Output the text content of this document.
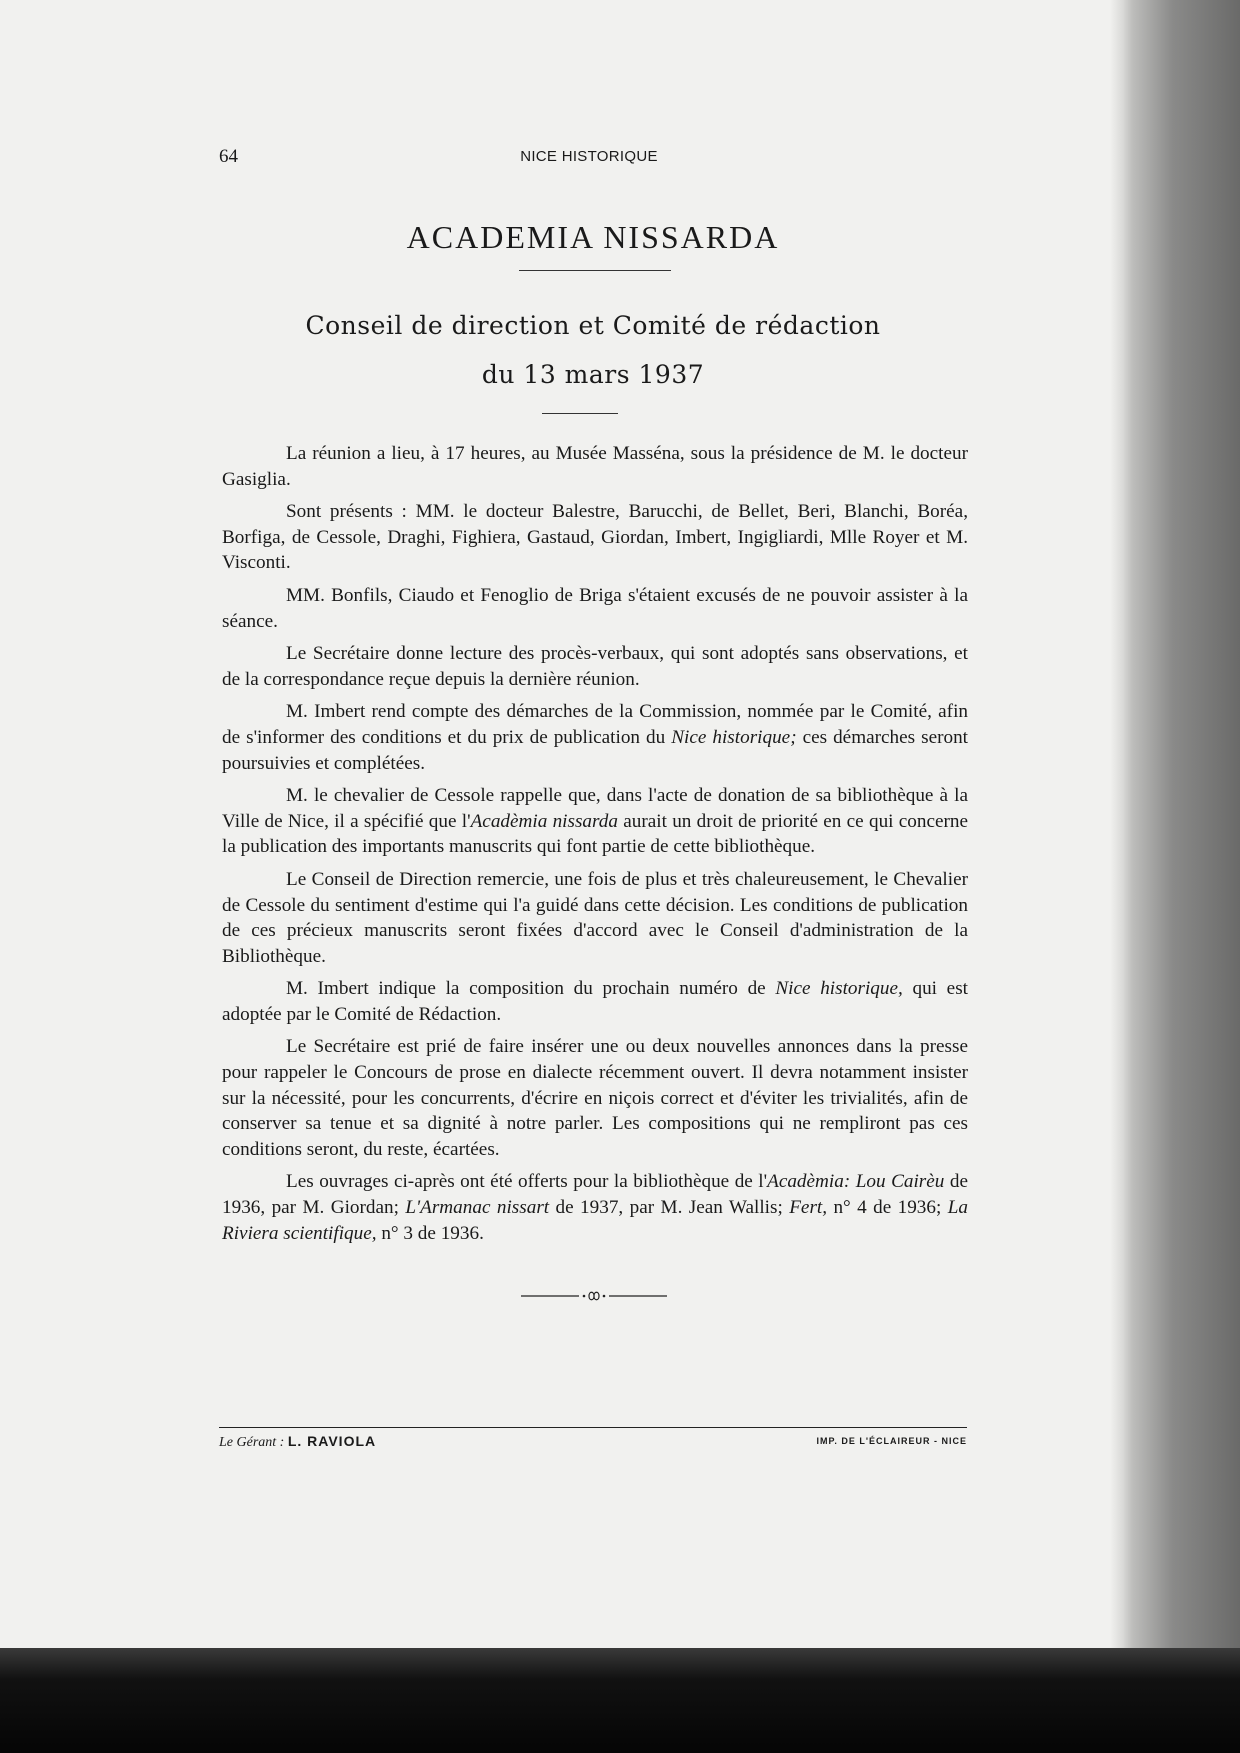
64	NICE HISTORIQUE
ACADEMIA NISSARDA
Conseil de direction et Comité de rédaction
du 13 mars 1937

La réunion a lieu, à 17 heures, au Musée Masséna, sous la présidence de M. le docteur Gasiglia.

Sont présents : MM. le docteur Balestre, Barucchi, de Bellet, Beri, Blanchi, Boréa, Borfiga, de Cessole, Draghi, Fighiera, Gastaud, Giordan, Imbert, Ingigliardi, Mlle Royer et M. Visconti.

MM. Bonfils, Ciaudo et Fenoglio de Briga s'étaient excusés de ne pouvoir assister à la séance.

Le Secrétaire donne lecture des procès-verbaux, qui sont adoptés sans observations, et de la correspondance reçue depuis la dernière réunion.

M. Imbert rend compte des démarches de la Commission, nommée par le Comité, afin de s'informer des conditions et du prix de publication du Nice historique; ces démarches seront poursuivies et complétées.

M. le chevalier de Cessole rappelle que, dans l'acte de donation de sa bibliothèque à la Ville de Nice, il a spécifié que l'Acadèmia nissarda aurait un droit de priorité en ce qui concerne la publication des importants manuscrits qui font partie de cette bibliothèque.

Le Conseil de Direction remercie, une fois de plus et très chaleureusement, le Chevalier de Cessole du sentiment d'estime qui l'a guidé dans cette décision. Les conditions de publication de ces précieux manuscrits seront fixées d'accord avec le Conseil d'administration de la Bibliothèque.

M. Imbert indique la composition du prochain numéro de Nice historique, qui est adoptée par le Comité de Rédaction.

Le Secrétaire est prié de faire insérer une ou deux nouvelles annonces dans la presse pour rappeler le Concours de prose en dialecte récemment ouvert. Il devra notamment insister sur la nécessité, pour les concurrents, d'écrire en niçois correct et d'éviter les trivialités, afin de conserver sa tenue et sa dignité à notre parler. Les compositions qui ne rempliront pas ces conditions seront, du reste, écartées.

Les ouvrages ci-après ont été offerts pour la bibliothèque de l'Acadèmia: Lou Cairèu de 1936, par M. Giordan; L'Armanac nissart de 1937, par M. Jean Wallis; Fert, n° 4 de 1936; La Riviera scientifique, n° 3 de 1936.

Le Gérant : L. RAVIOLA	IMP. DE L'ÉCLAIREUR - NICE
